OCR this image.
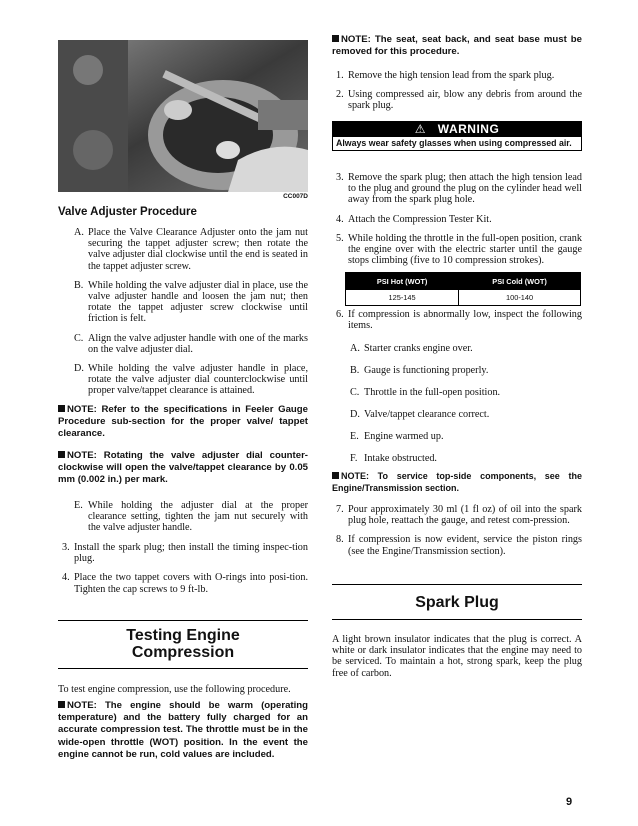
CC007D
Valve Adjuster Procedure
A. Place the Valve Clearance Adjuster onto the jam nut securing the tappet adjuster screw; then rotate the valve adjuster dial clockwise until the end is seated in the tappet adjuster screw.
B. While holding the valve adjuster dial in place, use the valve adjuster handle and loosen the jam nut; then rotate the tappet adjuster screw clockwise until friction is felt.
C. Align the valve adjuster handle with one of the marks on the valve adjuster dial.
D. While holding the valve adjuster handle in place, rotate the valve adjuster dial counterclockwise until proper valve/tappet clearance is attained.
NOTE: Refer to the specifications in Feeler Gauge Procedure sub-section for the proper valve/ tappet clearance.
NOTE: Rotating the valve adjuster dial counter-clockwise will open the valve/tappet clearance by 0.05 mm (0.002 in.) per mark.
E. While holding the adjuster dial at the proper clearance setting, tighten the jam nut securely with the valve adjuster handle.
3. Install the spark plug; then install the timing inspec-tion plug.
4. Place the two tappet covers with O-rings into posi-tion. Tighten the cap screws to 9 ft-lb.
Testing Engine
Compression
To test engine compression, use the following procedure.
NOTE: The engine should be warm (operating temperature) and the battery fully charged for an accurate compression test. The throttle must be in the wide-open throttle (WOT) position. In the event the engine cannot be run, cold values are included.
NOTE: The seat, seat back, and seat base must be removed for this procedure.
1. Remove the high tension lead from the spark plug.
2. Using compressed air, blow any debris from around the spark plug.
⚠ WARNING
Always wear safety glasses when using compressed air.
3. Remove the spark plug; then attach the high tension lead to the plug and ground the plug on the cylinder head well away from the spark plug hole.
4. Attach the Compression Tester Kit.
5. While holding the throttle in the full-open position, crank the engine over with the electric starter until the gauge stops climbing (five to 10 compression strokes).
PSI Hot (WOT)	PSI Cold (WOT)
125-145	100-140
6. If compression is abnormally low, inspect the following items.
A. Starter cranks engine over.
B. Gauge is functioning properly.
C. Throttle in the full-open position.
D. Valve/tappet clearance correct.
E. Engine warmed up.
F. Intake obstructed.
NOTE: To service top-side components, see the Engine/Transmission section.
7. Pour approximately 30 ml (1 fl oz) of oil into the spark plug hole, reattach the gauge, and retest com-pression.
8. If compression is now evident, service the piston rings (see the Engine/Transmission section).
Spark Plug
A light brown insulator indicates that the plug is correct. A white or dark insulator indicates that the engine may need to be serviced. To maintain a hot, strong spark, keep the plug free of carbon.
9
